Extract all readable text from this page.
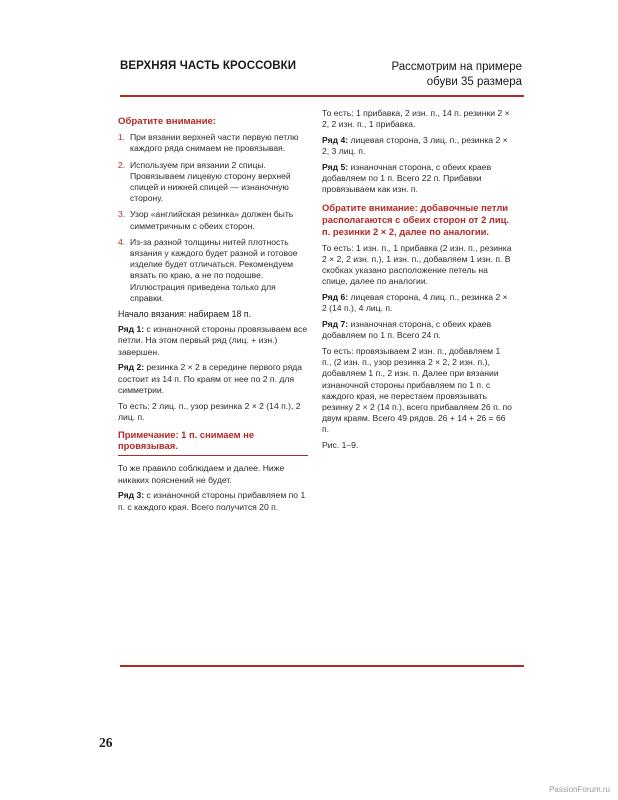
ВЕРХНЯЯ ЧАСТЬ КРОССОВКИ	Рассмотрим на примере
обуви 35 размера
Обратите внимание:
1. При вязании верхней части первую петлю каждого ряда снимаем не провязывая.
2. Используем при вязании 2 спицы. Провязываем лицевую сторону верхней спицей и нижней спицей — изнаночную сторону.
3. Узор «английская резинка» должен быть симметричным с обеих сторон.
4. Из-за разной толщины нитей плотность вязания у каждого будет разной и готовое изделие будет отличаться. Рекомендуем вязать по краю, а не по подошве. Иллюстрация приведена только для справки.
Начало вязания: набираем 18 п.

Ряд 1: с изнаночной стороны провязываем все петли. На этом первый ряд (лиц. + изн.) завершен.

Ряд 2: резинка 2 × 2 в середине первого ряда состоит из 14 п. По краям от нее по 2 п. для симметрии.

То есть: 2 лиц. п., узор резинка 2 × 2 (14 п.), 2 лиц. п.

Примечание: 1 п. снимаем не провязывая.

То же правило соблюдаем и далее. Ниже никаких пояснений не будет.

Ряд 3: с изнаночной стороны прибавляем по 1 п. с каждого края. Всего получится 20 п.

То есть: 1 прибавка, 2 изн. п., 14 п. резинки 2 × 2, 2 изн. п., 1 прибавка.

Ряд 4: лицевая сторона, 3 лиц. п., резинка 2 × 2, 3 лиц. п.

Ряд 5: изнаночная сторона, с обеих краев добавляем по 1 п. Всего 22 п. Прибавки провязываем как изн. п.

Обратите внимание: добавочные петли располагаются с обеих сторон от 2 лиц. п. резинки 2 × 2, далее по аналогии.

То есть: 1 изн. п., 1 прибавка (2 изн. п., резинка 2 × 2, 2 изн. п.), 1 изн. п., добавляем 1 изн. п. В скобках указано расположение петель на спице, далее по аналогии.

Ряд 6: лицевая сторона, 4 лиц. п., резинка 2 × 2 (14 п.), 4 лиц. п.

Ряд 7: изнаночная сторона, с обеих краев добавляем по 1 п. Всего 24 п.

То есть: провязываем 2 изн. п., добавляем 1 п., (2 изн. п., узор резинка 2 × 2, 2 изн. п.), добавляем 1 п., 2 изн. п. Далее при вязании изнаночной стороны прибавляем по 1 п. с каждого края, не перестаем провязывать резинку 2 × 2 (14 п.), всего прибавляем 26 п. по двум краям. Всего 49 рядов. 26 + 14 + 26 = 66 п.

Рис. 1–9.

26
PassionForum.ru
